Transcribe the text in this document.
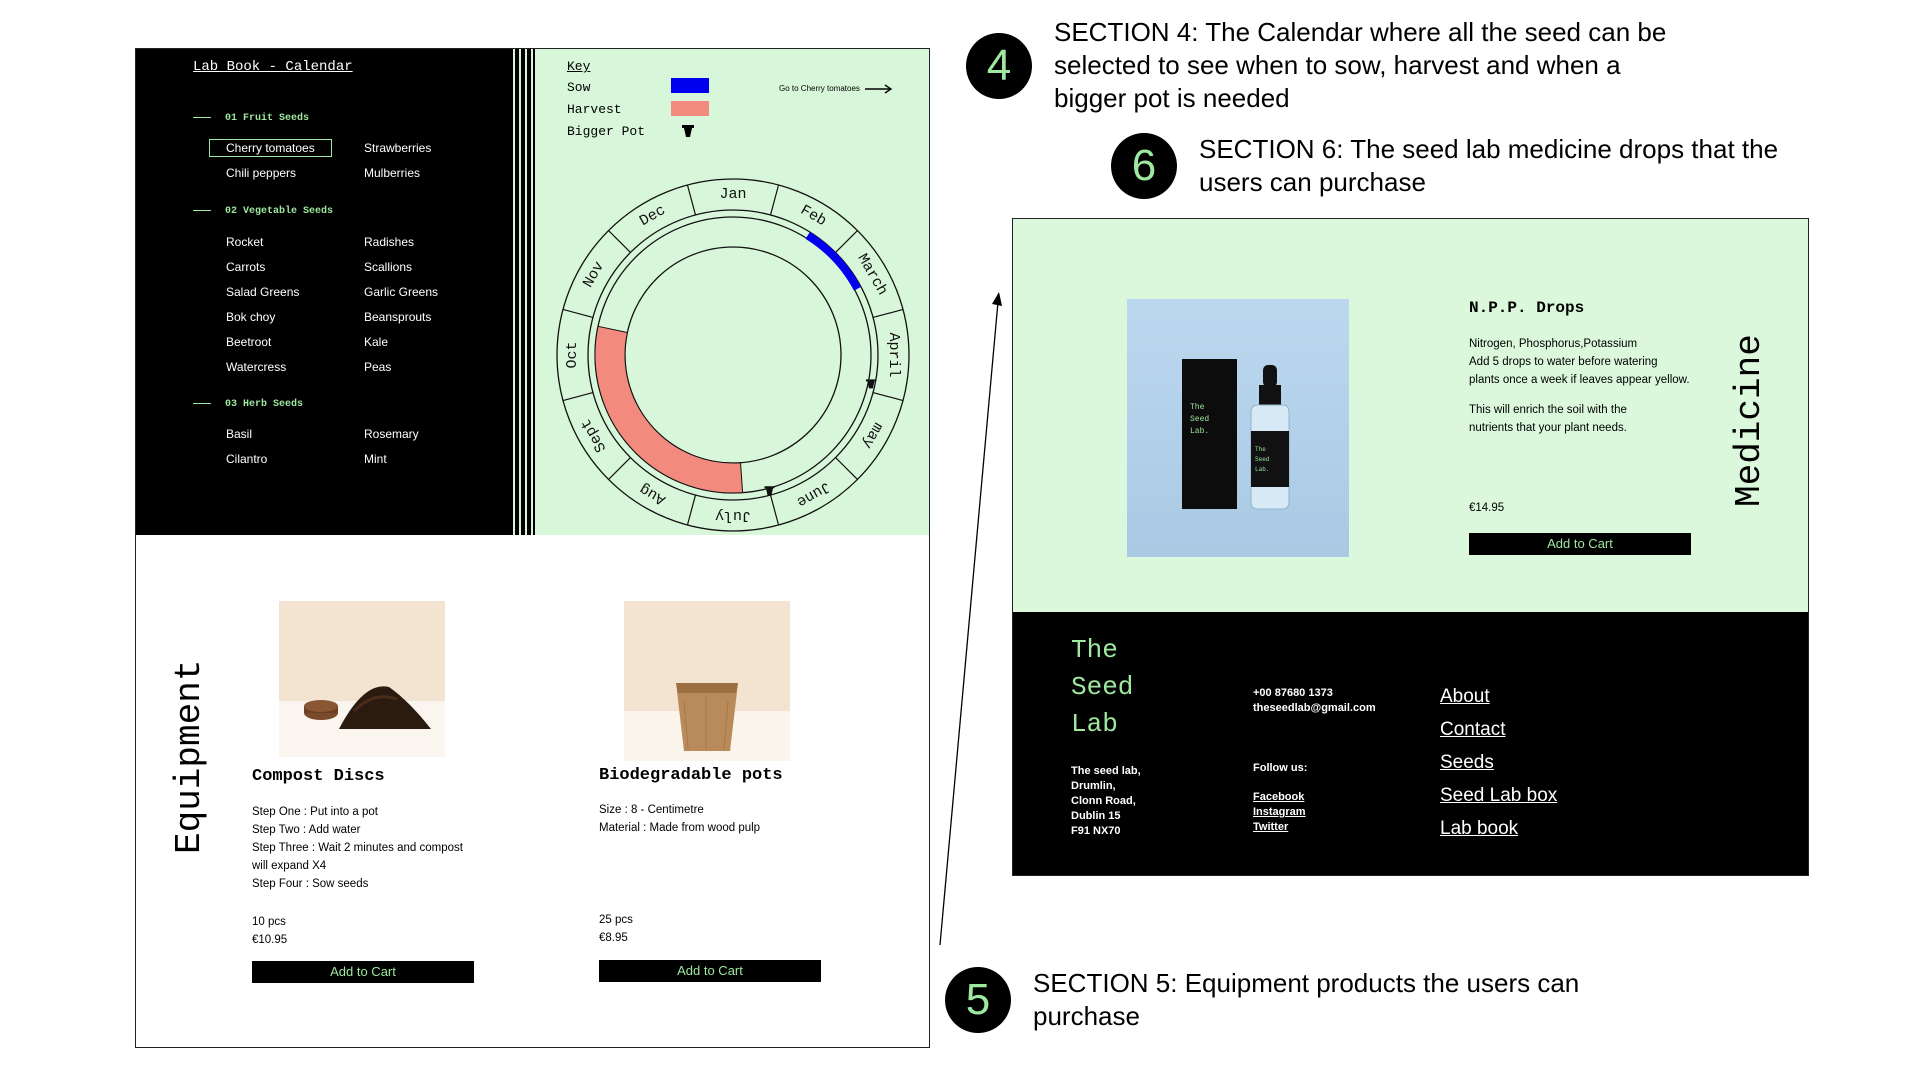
Lab Book - Calendar
01 Fruit Seeds
Cherry tomatoes
Chili peppers
Strawberries
Mulberries
02 Vegetable Seeds
Rocket
Carrots
Salad Greens
Bok choy
Beetroot
Watercress
Radishes
Scallions
Garlic Greens
Beansprouts
Kale
Peas
03 Herb Seeds
Basil
Cilantro
Rosemary
Mint
Key
Sow
Harvest
Bigger Pot
Go to Cherry tomatoes
Jan
Feb
March
April
may
June
July
Aug
Sept
Oct
Nov
Dec
Equipment Compost Discs
Step One : Put into a pot
Step Two : Add water
Step Three : Wait 2 minutes and compost
will expand X4
Step Four : Sow seeds
10 pcs
€10.95
Add to Cart
Biodegradable pots
Size : 8 - Centimetre
Material : Made from wood pulp
25 pcs
€8.95
Add to Cart
The
Seed
Lab.
The
Seed
Lab.
N.P.P. Drops
Nitrogen, Phosphorus,Potassium
Add 5 drops to water before watering
plants once a week if leaves appear yellow.
This will enrich the soil with the
nutrients that your plant needs.
€14.95
Add to Cart
Medicine
The
Seed
Lab
The seed lab,
Drumlin,
Clonn Road,
Dublin 15
F91 NX70
+00 87680 1373
theseedlab@gmail.com
Follow us:
Facebook
Instagram
Twitter
About
Contact
Seeds
Seed Lab box
Lab book
4
SECTION 4: The Calendar where all the seed can be
selected to see when to sow, harvest and when a
bigger pot is needed
6	SECTION 6: The seed lab medicine drops that the
users can purchase
5	SECTION 5: Equipment products the users can
purchase
